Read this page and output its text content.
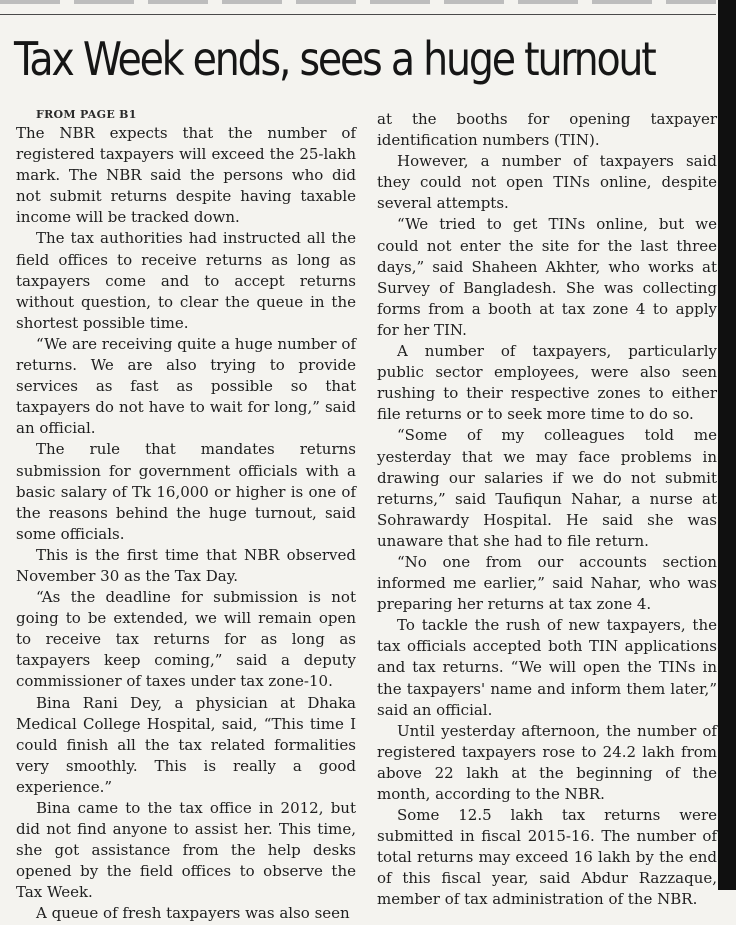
Tax Week ends, sees a huge turnout

FROM PAGE B1

The NBR expects that the number of registered taxpayers will exceed the 25-lakh mark. The NBR said the persons who did not submit returns despite having taxable income will be tracked down.

The tax authorities had instructed all the field offices to receive returns as long as taxpayers come and to accept returns without question, to clear the queue in the shortest possible time.

“We are receiving quite a huge number of returns. We are also trying to provide services as fast as possible so that taxpayers do not have to wait for long,” said an official.

The rule that mandates returns submission for government officials with a basic salary of Tk 16,000 or higher is one of the reasons behind the huge turnout, said some officials.

This is the first time that NBR observed November 30 as the Tax Day.

“As the deadline for submission is not going to be extended, we will remain open to receive tax returns for as long as taxpayers keep coming,” said a deputy commissioner of taxes under tax zone-10.

Bina Rani Dey, a physician at Dhaka Medical College Hospital, said, “This time I could finish all the tax related formalities very smoothly. This is really a good experience.”

Bina came to the tax office in 2012, but did not find anyone to assist her. This time, she got assistance from the help desks opened by the field offices to observe the Tax Week.

A queue of fresh taxpayers was also seen

at the booths for opening taxpayer identification numbers (TIN).

However, a number of taxpayers said they could not open TINs online, despite several attempts.

“We tried to get TINs online, but we could not enter the site for the last three days,” said Shaheen Akhter, who works at Survey of Bangladesh. She was collecting forms from a booth at tax zone 4 to apply for her TIN.

A number of taxpayers, particularly public sector employees, were also seen rushing to their respective zones to either file returns or to seek more time to do so.

“Some of my colleagues told me yesterday that we may face problems in drawing our salaries if we do not submit returns,” said Taufiqun Nahar, a nurse at Sohrawardy Hospital. He said she was unaware that she had to file return.

“No one from our accounts section informed me earlier,” said Nahar, who was preparing her returns at tax zone 4.

To tackle the rush of new taxpayers, the tax officials accepted both TIN applications and tax returns. “We will open the TINs in the taxpayers' name and inform them later,” said an official.

Until yesterday afternoon, the number of registered taxpayers rose to 24.2 lakh from above 22 lakh at the beginning of the month, according to the NBR.

Some 12.5 lakh tax returns were submitted in fiscal 2015-16. The number of total returns may exceed 16 lakh by the end of this fiscal year, said Abdur Razzaque, member of tax administration of the NBR.
